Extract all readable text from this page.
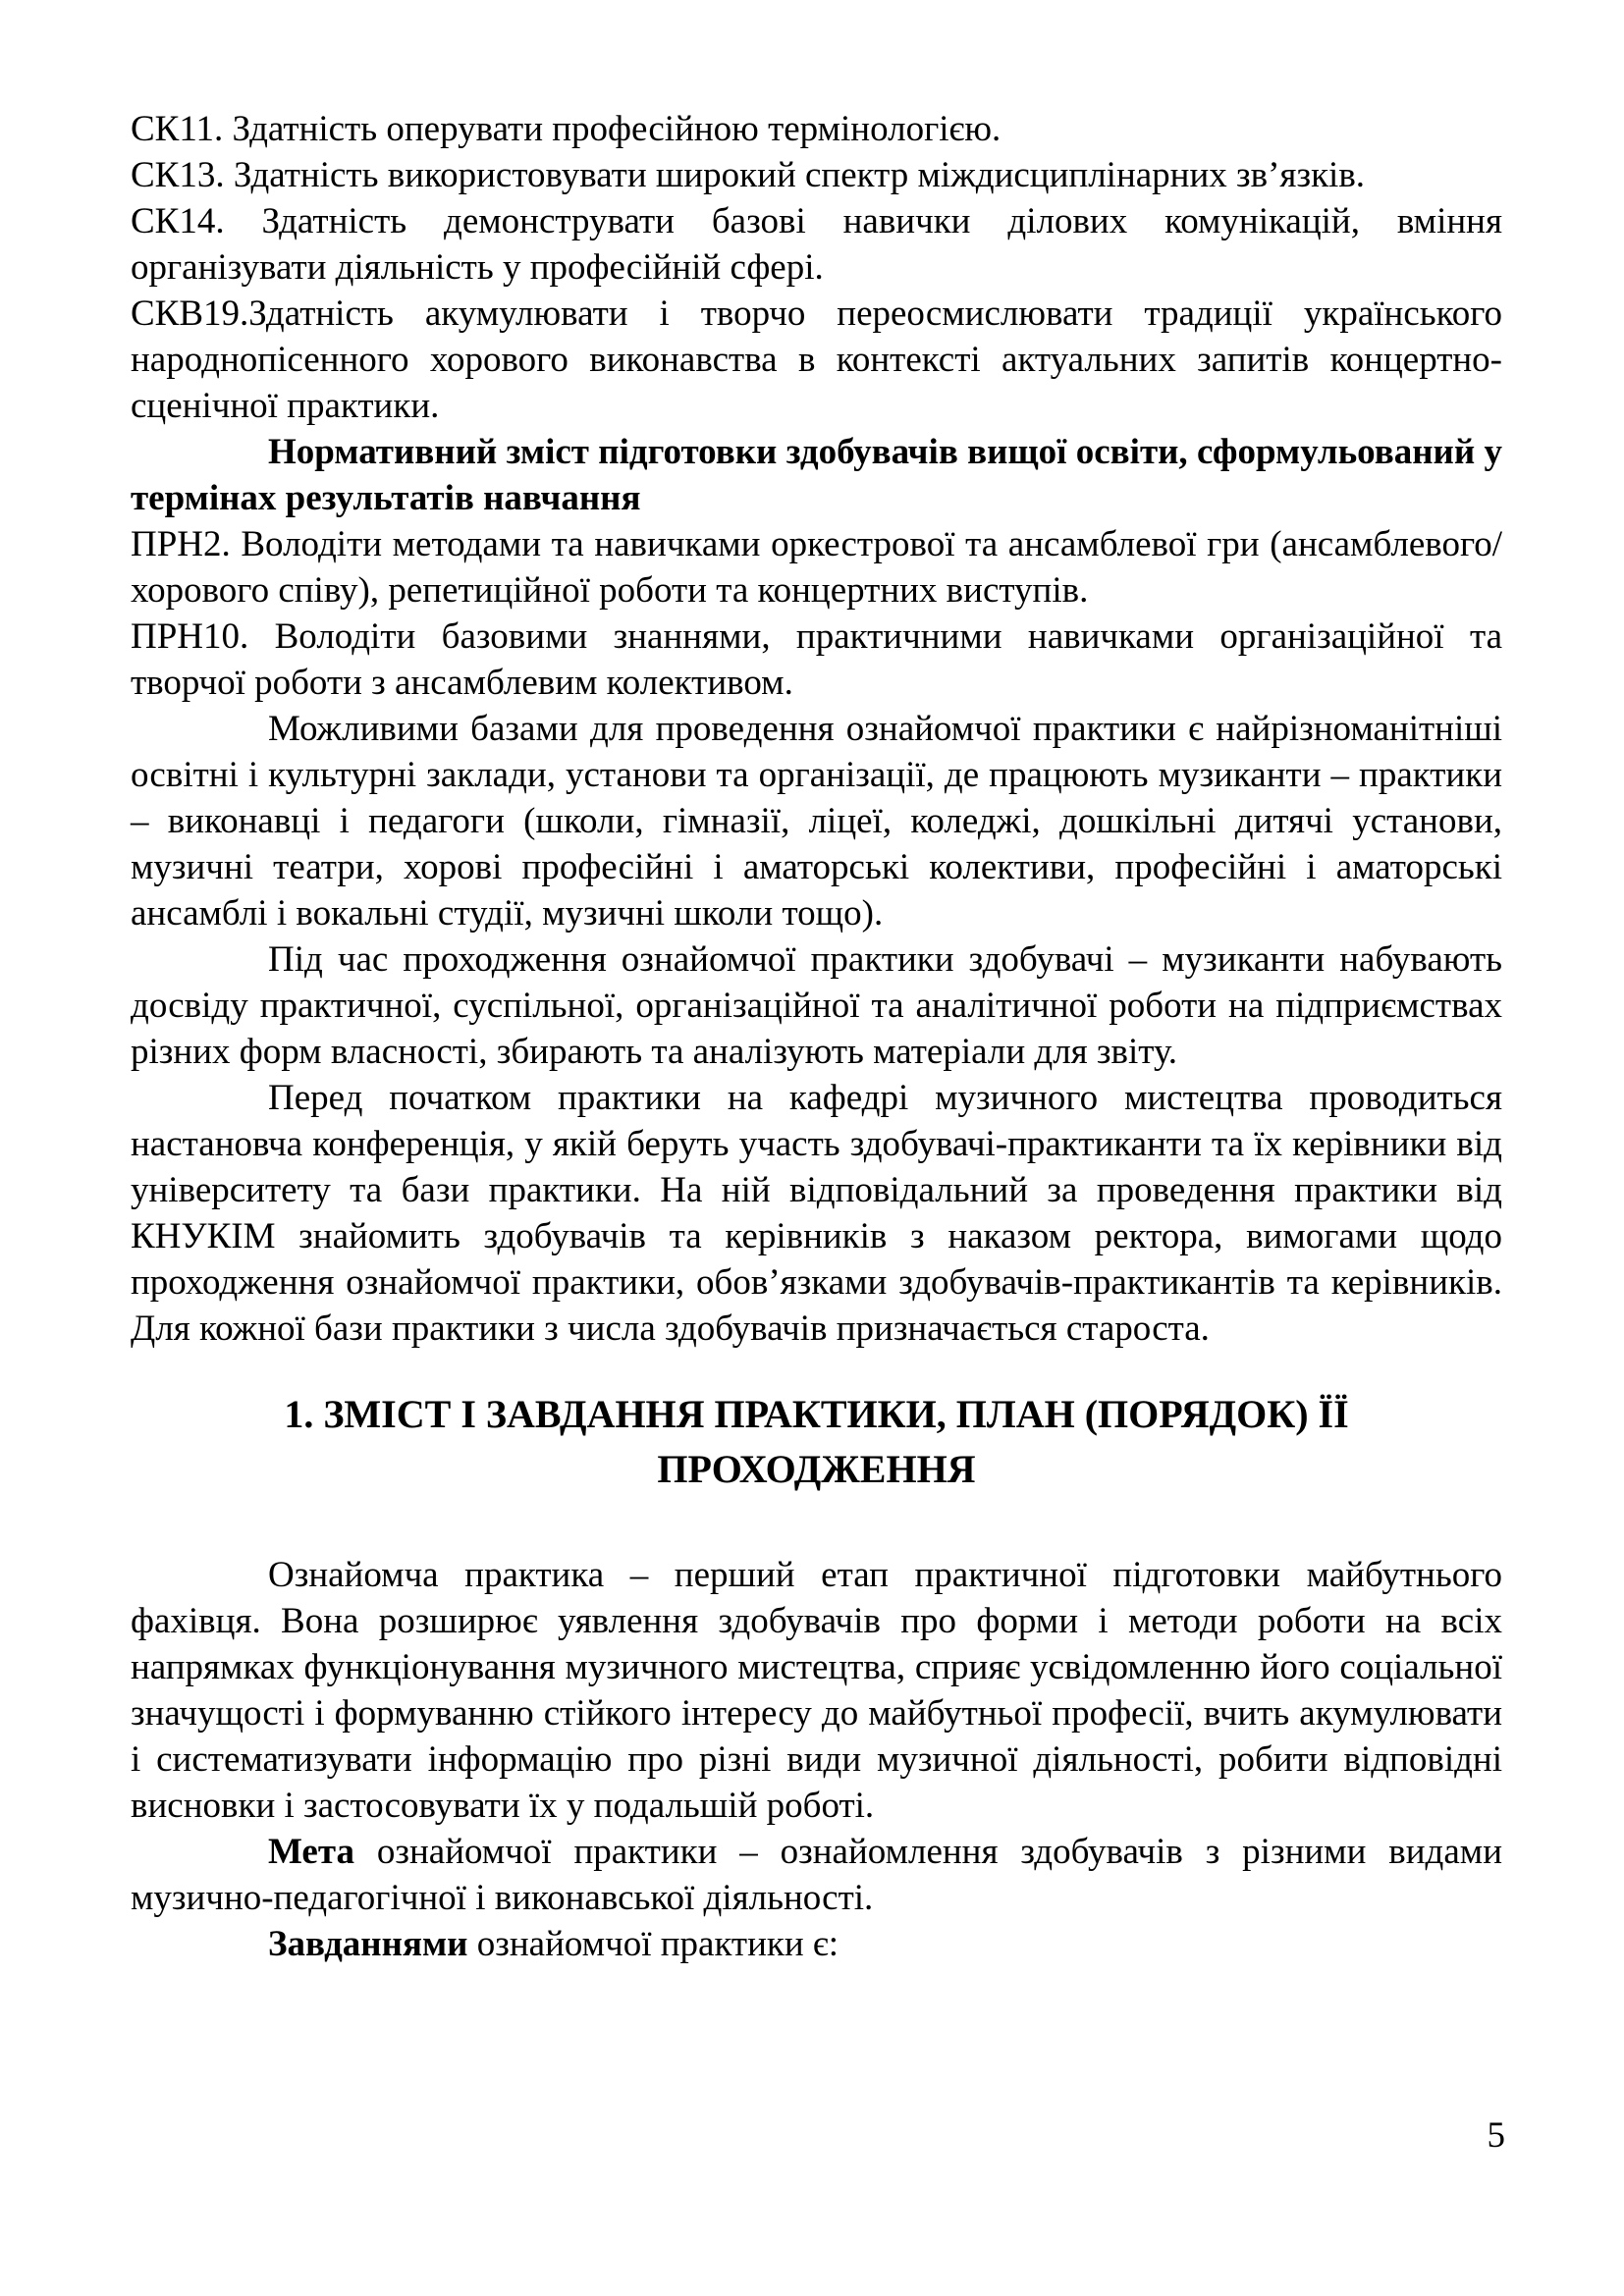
СК11. Здатність оперувати професійною термінологією.

СК13. Здатність використовувати широкий спектр міждисциплінарних зв’язків.

СК14. Здатність демонструвати базові навички ділових комунікацій, вміння організувати діяльність у професійній сфері.

СКВ19.Здатність акумулювати і творчо переосмислювати традиції українського народнопісенного хорового виконавства в контексті актуальних запитів концертно-сценічної практики.

Нормативний зміст підготовки здобувачів вищої освіти, сформульований у термінах результатів навчання

ПРН2. Володіти методами та навичками оркестрової та ансамблевої гри (ансамблевого/ хорового співу), репетиційної роботи та концертних виступів.

ПРН10. Володіти базовими знаннями, практичними навичками організаційної та творчої роботи з ансамблевим колективом.

Можливими базами для проведення ознайомчої практики є найрізноманітніші освітні і культурні заклади, установи та організації, де працюють музиканти – практики – виконавці і педагоги (школи, гімназії, ліцеї, коледжі, дошкільні дитячі установи, музичні театри, хорові професійні і аматорські колективи, професійні і аматорські ансамблі і вокальні студії, музичні школи тощо).

Під час проходження ознайомчої практики здобувачі – музиканти набувають досвіду практичної, суспільної, організаційної та аналітичної роботи на підприємствах різних форм власності, збирають та аналізують матеріали для звіту.

Перед початком практики на кафедрі музичного мистецтва проводиться настановча конференція, у якій беруть участь здобувачі-практиканти та їх керівники від університету та бази практики. На ній відповідальний за проведення практики від КНУКІМ знайомить здобувачів та керівників з наказом ректора, вимогами щодо проходження ознайомчої практики, обов’язками здобувачів-практикантів та керівників. Для кожної бази практики з числа здобувачів призначається староста.

1. ЗМІСТ І ЗАВДАННЯ ПРАКТИКИ, ПЛАН (ПОРЯДОК) ЇЇ
ПРОХОДЖЕННЯ

Ознайомча практика – перший етап практичної підготовки майбутнього фахівця. Вона розширює уявлення здобувачів про форми і методи роботи на всіх напрямках функціонування музичного мистецтва, сприяє усвідомленню його соціальної значущості і формуванню стійкого інтересу до майбутньої професії, вчить акумулювати і систематизувати інформацію про різні види музичної діяльності, робити відповідні висновки і застосовувати їх у подальшій роботі.

Мета ознайомчої практики – ознайомлення здобувачів з різними видами музично-педагогічної і виконавської діяльності.

Завданнями ознайомчої практики є:

5
